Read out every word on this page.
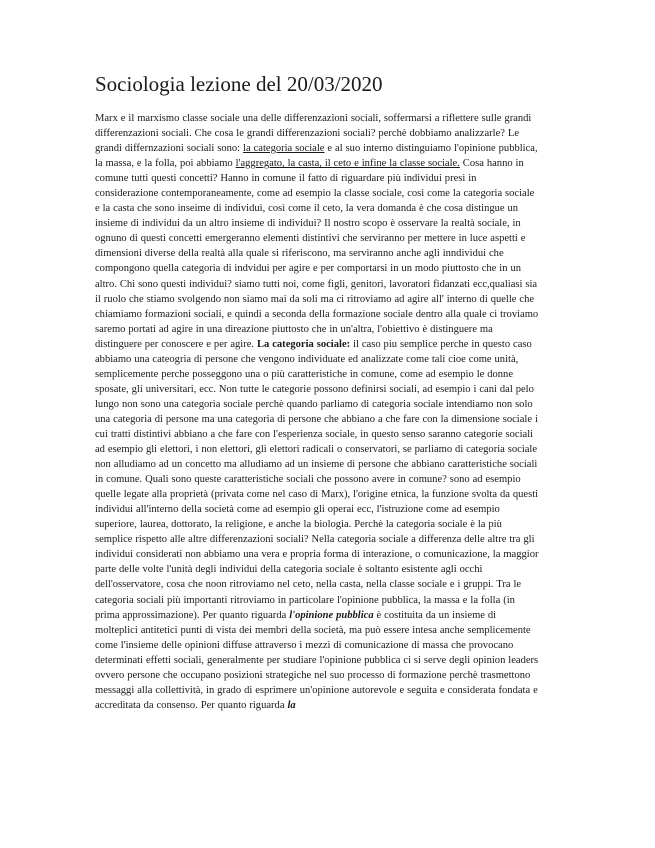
Sociologia lezione del 20/03/2020

Marx e il marxismo classe sociale una delle differenzazioni sociali, soffermarsi a riflettere sulle grandi differenzazioni sociali. Che cosa le grandi differenzazioni sociali? perchè dobbiamo analizzarle? Le grandi differnzazioni sociali sono: la categoria sociale e al suo interno distinguiamo l'opinione pubblica, la massa, e la folla, poi abbiamo l'aggregato, la casta, il ceto e infine la classe sociale. Cosa hanno in comune tutti questi concetti? Hanno in comune il fatto di riguardare più individui presi in considerazione contemporaneamente, come ad esempio la classe sociale, così come la categoria sociale e la casta che sono inseime di individui, così come il ceto, la vera domanda è che cosa distingue un insieme di individui da un altro insieme di individui? Il nostro scopo è osservare la realtà sociale, in ognuno di questi concetti emergeranno elementi distintivi che serviranno per mettere in luce aspetti e dimensioni diverse della realtà alla quale si riferiscono, ma serviranno anche agli inndividui che compongono quella categoria di indvidui per agire e per comportarsi in un modo piuttosto che in un altro. Chi sono questi individui? siamo tutti noi, come figli, genitori, lavoratori fidanzati ecc,qualiasi sia il ruolo che stiamo svolgendo non siamo mai da soli ma ci ritroviamo ad agire all' interno di quelle che chiamiamo formazioni sociali, e quindi a seconda della formazione sociale dentro alla quale ci troviamo saremo portati ad agire in una direazione piuttosto che in un'altra, l'obiettivo è distinguere ma distinguere per conoscere e per agire. La categoria sociale: il caso piu semplice perche in questo caso abbiamo una cateogria di persone che vengono individuate ed analizzate come tali cioe come unità, semplicemente perche posseggono una o più caratteristiche in comune, come ad esempio le donne sposate, gli universitari, ecc. Non tutte le categorie possono definirsi sociali, ad esempio i cani dal pelo lungo non sono una categoria sociale perchè quando parliamo di categoria sociale intendiamo non solo una categoria di persone ma una categoria di persone che abbiano a che fare con la dimensione sociale i cui tratti distintivi abbiano a che fare con l'esperienza sociale, in questo senso saranno categorie sociali ad esempio gli elettori, i non elettori, gli elettori radicali o conservatori, se parliamo di categoria sociale non alludiamo ad un concetto ma alludiamo ad un insieme di persone che abbiano caratteristiche sociali in comune. Quali sono queste caratteristiche sociali che possono avere in comune? sono ad esempio quelle legate alla proprietà (privata come nel caso di Marx), l'origine etnica, la funzione svolta da questi individui all'interno della società come ad esempio gli operai ecc, l'istruzione come ad esempio superiore, laurea, dottorato, la religione, e anche la biologia. Perchè la categoria sociale è la più semplice rispetto alle altre differenzazioni sociali? Nella categoria sociale a differenza delle altre tra gli individui considerati non abbiamo una vera e propria forma di interazione, o comunicazione, la maggior parte delle volte l'unità degli individui della categoria sociale è soltanto esistente agli occhi dell'osservatore, cosa che noon ritroviamo nel ceto, nella casta, nella classe sociale e i gruppi. Tra le categoria sociali più importanti ritroviamo in particolare l'opinione pubblica, la massa e la folla (in prima approssimazione). Per quanto riguarda l'opinione pubblica è costituita da un insieme di molteplici antitetici punti di vista dei membri della società, ma può essere intesa anche semplicemente come l'insieme delle opinioni diffuse attraverso i mezzi di comunicazione di massa che provocano determinati effetti sociali, generalmente per studiare l'opinione pubblica ci si serve degli opinion leaders ovvero persone che occupano posizioni strategiche nel suo processo di formazione perchè trasmettono messaggi alla collettività, in grado di esprimere un'opinione autorevole e seguita e considerata fondata e accreditata da consenso. Per quanto riguarda la
